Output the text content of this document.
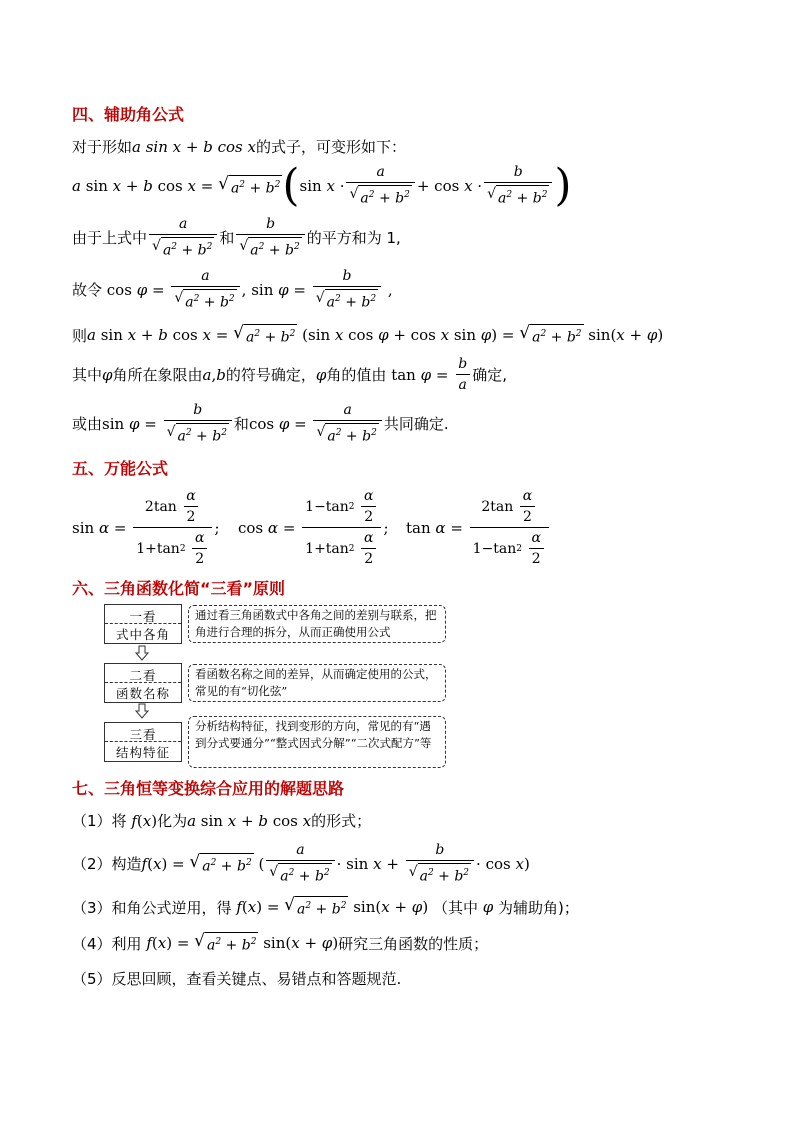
四、辅助角公式
对于形如 a sin x + b cos x 的式子，可变形如下：
a sin x + b cos x = √ $a^2 + b^2$ ( $\sin x \cdot \frac{a}{√ a^2 + b^2} + \cos x \cdot \frac{b}{√ a^2 + b^2}$ )
由于上式中 $\frac{a}{√ a^2 + b^2}$ 和 $\frac{b}{√ a^2 + b^2}$ 的平方和为 1,
故令 $\cos \varphi = \frac{a}{√ a^2 + b^2}$ , $\sin \varphi = \frac{b}{√ a^2 + b^2}$ ,
则 a sin x + b cos x = √ $a^2 + b^2$ (sin x cos φ + cos x sin φ ) = √ $a^2 + b^2$ sin( x + φ )
其中 φ 角所在象限由 a , b 的符号确定， φ 角的值由 $\tan \varphi = \frac{b}{a}$ 确定,
或由 $\sin \varphi = \frac{b}{√ a^2 + b^2}$ 和 $\cos \varphi = \frac{a}{√ a^2 + b^2}$ 共同确定.
五、万能公式
$\sin \alpha = 2\tan \frac{\alpha}{2}$
1+tan 2
$\frac{\alpha}{2}$ ; cos α = 1−tan 2
$\frac{\alpha}{2}$
1+tan 2
$\frac{\alpha}{2}$ ; $\tan \alpha = 2\tan \frac{\alpha}{2}$
1−tan 2
$\frac{\alpha}{2}$
六、三角函数化简“三看”原则
一看
式中各角
通过看三角函数式中各角之间的差别与联系，把角进行合理的拆分，从而正确使用公式
二看
函数名称
看函数名称之间的差异，从而确定使用的公式，常见的有“切化弦”
三看
结构特征
分析结构特征，找到变形的方向，常见的有“遇到分式要通分”“整式因式分解”“二次式配方”等
七、三角恒等变换综合应用的解题思路
（1）将 f ( x ) 化为 a sin x + b cos x 的形式；
（2）构造 f ( x ) = √ $a^2 + b^2$ ( $\frac{a}{√ a^2 + b^2} \cdot \sin x + \frac{b}{√ a^2 + b^2} \cdot \cos x$ )
（3）和角公式逆用，得 f ( x ) = √ $a^2 + b^2$ sin( x + φ ) （其中 φ 为辅助角)；
（4）利用 f ( x ) = √ $a^2 + b^2$ sin( x + φ ) 研究三角函数的性质；
（5）反思回顾，查看关键点、易错点和答题规范.
